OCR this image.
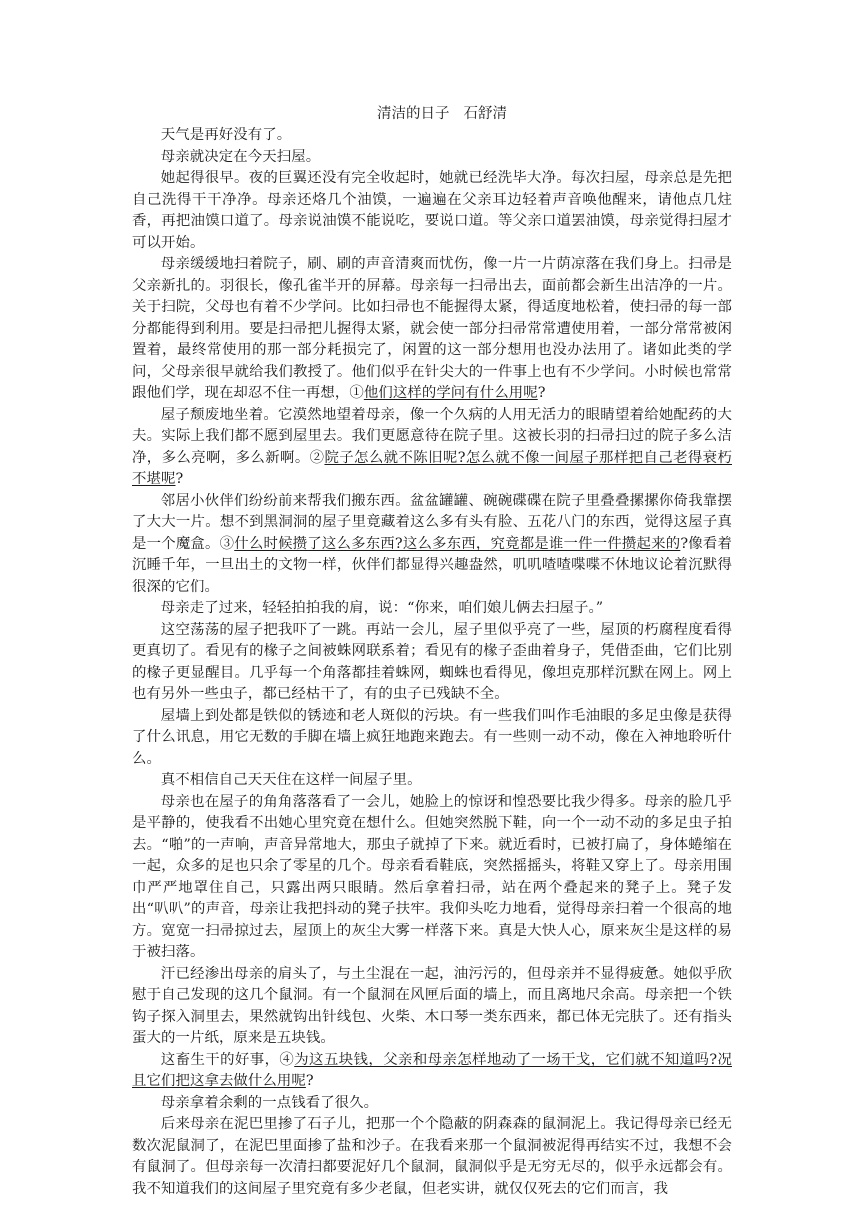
清洁的日子 石舒清

天气是再好没有了。

母亲就决定在今天扫屋。

她起得很早。夜的巨翼还没有完全收起时，她就已经洗毕大净。每次扫屋，母亲总是先把自己洗得干干净净。母亲还烙几个油馍，一遍遍在父亲耳边轻着声音唤他醒来，请他点几炷香，再把油馍口道了。母亲说油馍不能说吃，要说口道。等父亲口道罢油馍，母亲觉得扫屋才可以开始。

母亲缓缓地扫着院子，刷、刷的声音清爽而忧伤，像一片一片荫凉落在我们身上。扫帚是父亲新扎的。羽很长，像孔雀半开的屏幕。母亲每一扫帚出去，面前都会新生出洁净的一片。关于扫院，父母也有着不少学问。比如扫帚也不能握得太紧，得适度地松着，使扫帚的每一部分都能得到利用。要是扫帚把儿握得太紧，就会使一部分扫帚常常遭使用着，一部分常常被闲置着，最终常使用的那一部分耗损完了，闲置的这一部分想用也没办法用了。诸如此类的学问，父母亲很早就给我们教授了。他们似乎在针尖大的一件事上也有不少学问。小时候也常常跟他们学，现在却忍不住一再想，①他们这样的学问有什么用呢?

屋子颓废地坐着。它漠然地望着母亲，像一个久病的人用无活力的眼睛望着给她配药的大夫。实际上我们都不愿到屋里去。我们更愿意待在院子里。这被长羽的扫帚扫过的院子多么洁净，多么亮啊，多么新啊。②院子怎么就不陈旧呢?怎么就不像一间屋子那样把自己老得衰朽不堪呢?

邻居小伙伴们纷纷前来帮我们搬东西。盆盆罐罐、碗碗碟碟在院子里叠叠摞摞你倚我靠摆了大大一片。想不到黑洞洞的屋子里竟藏着这么多有头有脸、五花八门的东西，觉得这屋子真是一个魔盒。③什么时候攒了这么多东西?这么多东西，究竟都是谁一件一件攒起来的?像看着沉睡千年，一旦出土的文物一样，伙伴们都显得兴趣盎然，叽叽喳喳喋喋不休地议论着沉默得很深的它们。

母亲走了过来，轻轻拍拍我的肩，说：“你来，咱们娘儿俩去扫屋子。”

这空荡荡的屋子把我吓了一跳。再站一会儿，屋子里似乎亮了一些，屋顶的朽腐程度看得更真切了。看见有的椽子之间被蛛网联系着；看见有的椽子歪曲着身子，凭借歪曲，它们比别的椽子更显醒目。几乎每一个角落都挂着蛛网，蜘蛛也看得见，像坦克那样沉默在网上。网上也有另外一些虫子，都已经枯干了，有的虫子已残缺不全。

屋墙上到处都是铁似的锈迹和老人斑似的污块。有一些我们叫作毛油眼的多足虫像是获得了什么讯息，用它无数的手脚在墙上疯狂地跑来跑去。有一些则一动不动，像在入神地聆听什么。

真不相信自己天天住在这样一间屋子里。

母亲也在屋子的角角落落看了一会儿，她脸上的惊讶和惶恐要比我少得多。母亲的脸几乎是平静的，使我看不出她心里究竟在想什么。但她突然脱下鞋，向一个一动不动的多足虫子拍去。“啪”的一声响，声音异常地大，那虫子就掉了下来。就近看时，已被打扁了，身体蜷缩在一起，众多的足也只余了零星的几个。母亲看看鞋底，突然摇摇头，将鞋又穿上了。母亲用围巾严严地罩住自己，只露出两只眼睛。然后拿着扫帚，站在两个叠起来的凳子上。凳子发出“叭叭”的声音，母亲让我把抖动的凳子扶牢。我仰头吃力地看，觉得母亲扫着一个很高的地方。宽宽一扫帚掠过去，屋顶上的灰尘大雾一样落下来。真是大快人心，原来灰尘是这样的易于被扫落。

汗已经渗出母亲的肩头了，与土尘混在一起，油污污的，但母亲并不显得疲惫。她似乎欣慰于自己发现的这几个鼠洞。有一个鼠洞在风匣后面的墙上，而且离地尺余高。母亲把一个铁钩子探入洞里去，果然就钩出针线包、火柴、木口琴一类东西来，都已体无完肤了。还有指头蛋大的一片纸，原来是五块钱。

这畜生干的好事，④为这五块钱，父亲和母亲怎样地动了一场干戈，它们就不知道吗?况且它们把这拿去做什么用呢?

母亲拿着余剩的一点钱看了很久。

后来母亲在泥巴里掺了石子儿，把那一个个隐蔽的阴森森的鼠洞泥上。我记得母亲已经无数次泥鼠洞了，在泥巴里面掺了盐和沙子。在我看来那一个鼠洞被泥得再结实不过，我想不会有鼠洞了。但母亲每一次清扫都要泥好几个鼠洞，鼠洞似乎是无穷无尽的，似乎永远都会有。我不知道我们的这间屋子里究竟有多少老鼠，但老实讲，就仅仅死去的它们而言，我
